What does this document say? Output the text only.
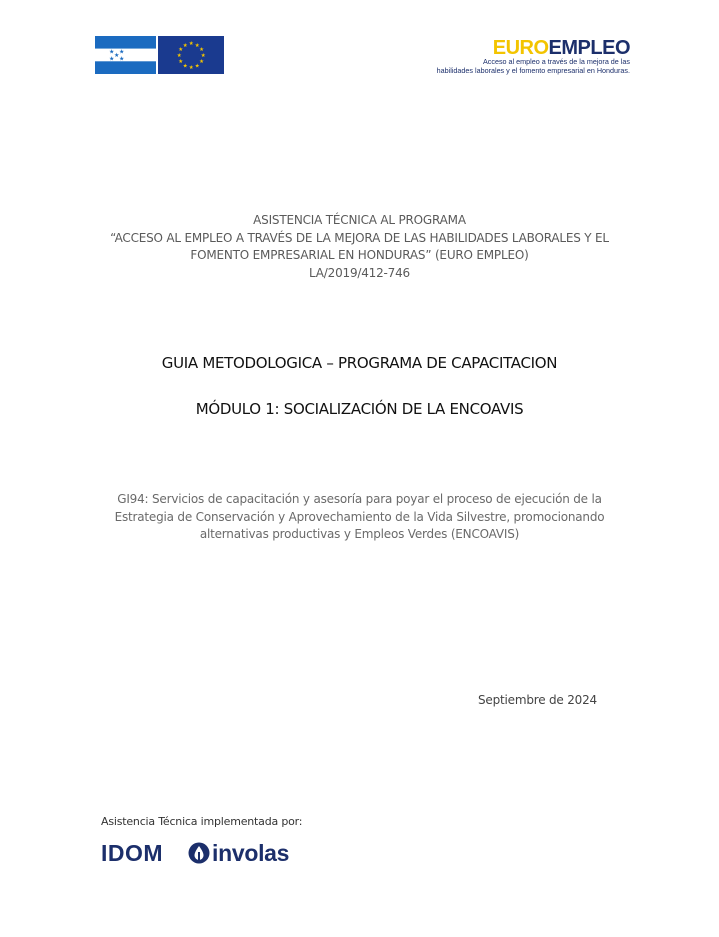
★ ★
★
★ ★
★ ★
★
★
★
★
★
★
★
★
★
★	EUROEMPLEO
Acceso al empleo a través de la mejora de las
habilidades laborales y el fomento empresarial en Honduras.
ASISTENCIA TÉCNICA AL PROGRAMA
“ACCESO AL EMPLEO A TRAVÉS DE LA MEJORA DE LAS HABILIDADES LABORALES Y EL
FOMENTO EMPRESARIAL EN HONDURAS” (EURO EMPLEO)
LA/2019/412-746
GUIA METODOLOGICA – PROGRAMA DE CAPACITACION
MÓDULO 1: SOCIALIZACIÓN DE LA ENCOAVIS
GI94: Servicios de capacitación y asesoría para poyar el proceso de ejecución de la
Estrategia de Conservación y Aprovechamiento de la Vida Silvestre, promocionando
alternativas productivas y Empleos Verdes (ENCOAVIS)
Septiembre de 2024
Asistencia Técnica implementada por:
IDOM involas
